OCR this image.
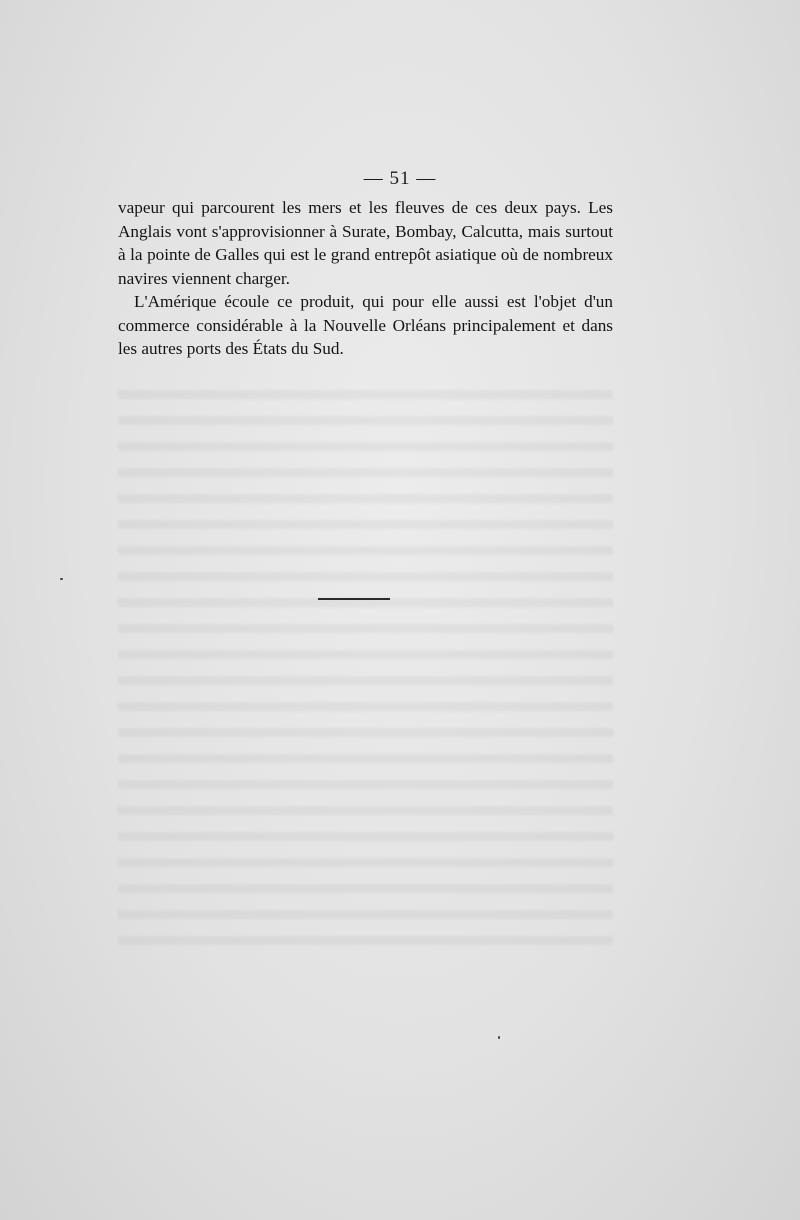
— 51 —

vapeur qui parcourent les mers et les fleuves de ces deux pays. Les Anglais vont s'approvisionner à Surate, Bombay, Calcutta, mais surtout à la pointe de Galles qui est le grand entrepôt asiatique où de nombreux navires viennent charger.

L'Amérique écoule ce produit, qui pour elle aussi est l'objet d'un commerce considérable à la Nouvelle Orléans principalement et dans les autres ports des États du Sud.
